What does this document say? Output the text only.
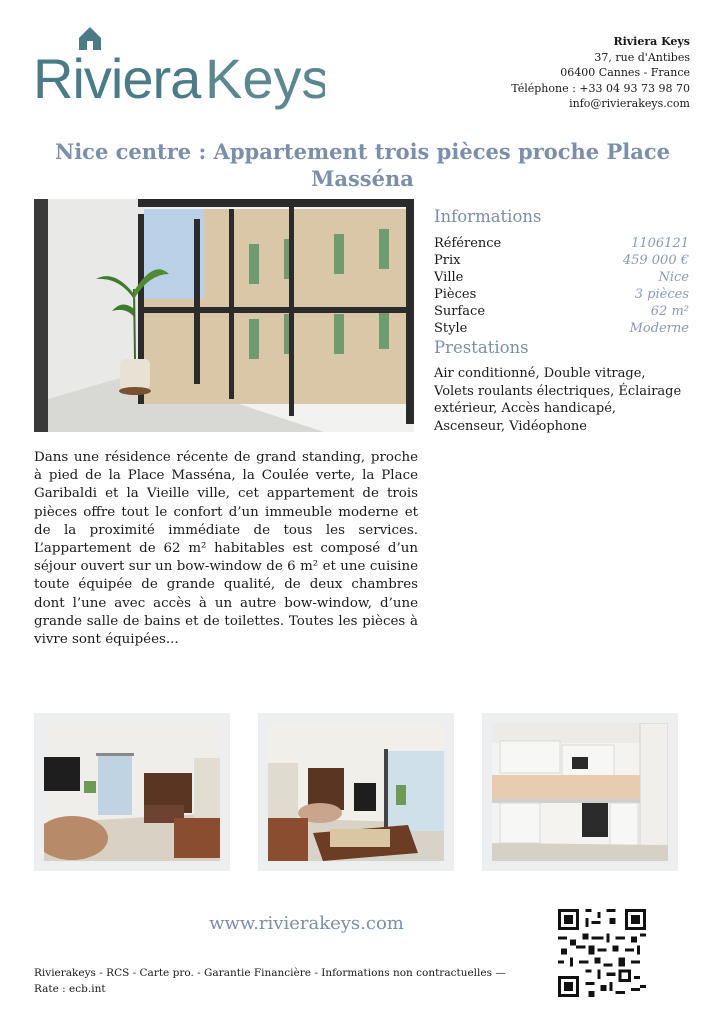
Riviera Keys
Riviera Keys
37, rue d'Antibes
06400 Cannes - France
Téléphone : +33 04 93 73 98 70
info@rivierakeys.com
Nice centre : Appartement trois pièces proche Place Masséna
Informations
Référence	1106121
Prix	459 000 €
Ville	Nice
Pièces	3 pièces
Surface	62 m²
Style	Moderne
Prestations
Air conditionné, Double vitrage, Volets roulants électriques, Éclairage extérieur, Accès handicapé, Ascenseur, Vidéophone
Dans une résidence récente de grand standing, proche à pied de la Place Masséna, la Coulée verte, la Place Garibaldi et la Vieille ville, cet appartement de trois pièces offre tout le confort d’un immeuble moderne et de la proximité immédiate de tous les services. L’appartement de 62 m² habitables est composé d’un séjour ouvert sur un bow-window de 6 m² et une cuisine toute équipée de grande qualité, de deux chambres dont l’une avec accès à un autre bow-window, d’une grande salle de bains et de toilettes. Toutes les pièces à vivre sont équipées...
www.rivierakeys.com
Rivierakeys - RCS - Carte pro. - Garantie Financière - Informations non contractuelles — Rate : ecb.int
